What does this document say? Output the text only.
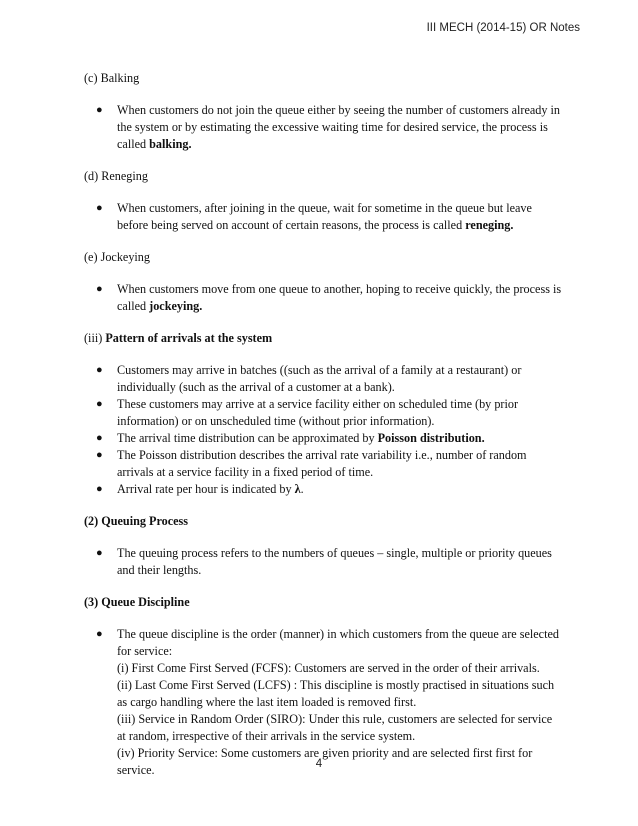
III MECH (2014-15) OR Notes

(c) Balking

● When customers do not join the queue either by seeing the number of customers already in the system or by estimating the excessive waiting time for desired service, the process is called balking.

(d) Reneging

● When customers, after joining in the queue, wait for sometime in the queue but leave before being served on account of certain reasons, the process is called reneging.

(e) Jockeying

● When customers move from one queue to another, hoping to receive quickly, the process is called jockeying.

(iii) Pattern of arrivals at the system

● Customers may arrive in batches ((such as the arrival of a family at a restaurant) or individually (such as the arrival of a customer at a bank).
● These customers may arrive at a service facility either on scheduled time (by prior information) or on unscheduled time (without prior information).
● The arrival time distribution can be approximated by Poisson distribution.
● The Poisson distribution describes the arrival rate variability i.e., number of random arrivals at a service facility in a fixed period of time.
● Arrival rate per hour is indicated by λ.

(2) Queuing Process

● The queuing process refers to the numbers of queues – single, multiple or priority queues and their lengths.

(3) Queue Discipline

● The queue discipline is the order (manner) in which customers from the queue are selected for service:
(i) First Come First Served (FCFS): Customers are served in the order of their arrivals.
(ii) Last Come First Served (LCFS) : This discipline is mostly practised in situations such as cargo handling where the last item loaded is removed first.
(iii) Service in Random Order (SIRO): Under this rule, customers are selected for service at random, irrespective of their arrivals in the service system.
(iv) Priority Service: Some customers are given priority and are selected first first for service.	4
